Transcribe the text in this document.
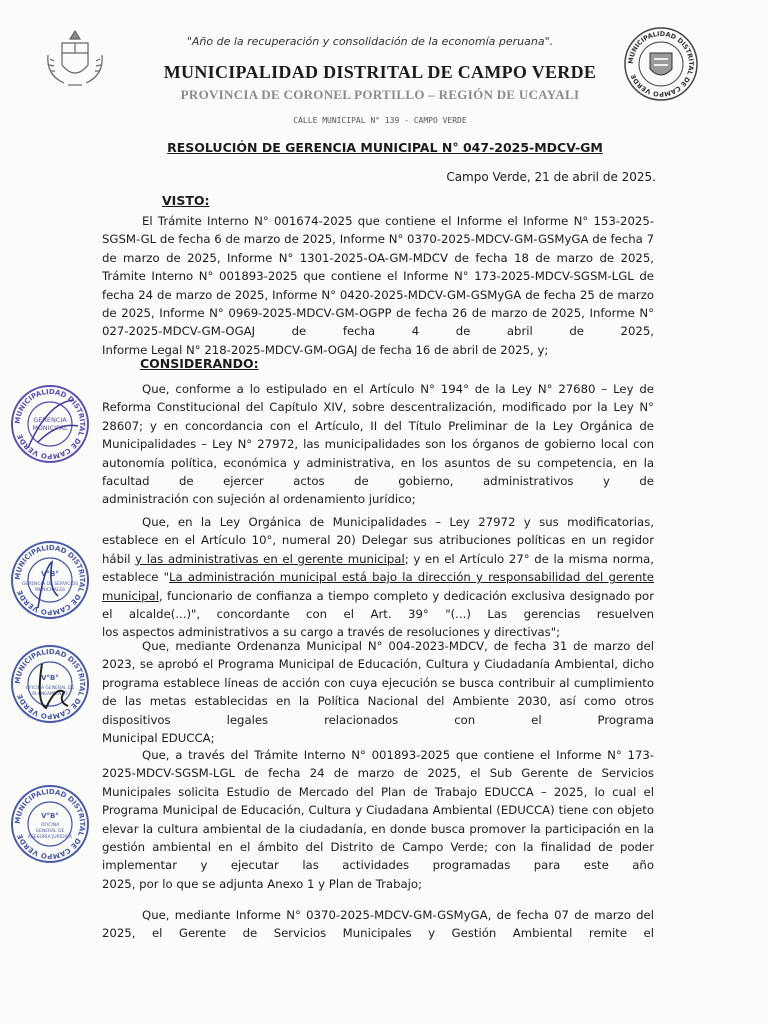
"Año de la recuperación y consolidación de la economía peruana".
MUNICIPALIDAD DISTRITAL DE CAMPO VERDE
PROVINCIA DE CORONEL PORTILLO – REGIÓN DE UCAYALI
CALLE MUNICIPAL N° 139 - CAMPO VERDE
MUNICIPALIDAD DISTRITAL DE CAMPO VERDE
RESOLUCIÓN DE GERENCIA MUNICIPAL N° 047-2025-MDCV-GM
Campo Verde, 21 de abril de 2025.
VISTO:
El Trámite Interno N° 001674-2025 que contiene el Informe el Informe N° 153-2025-SGSM-GL de fecha 6 de marzo de 2025, Informe N° 0370-2025-MDCV-GM-GSMyGA de fecha 7 de marzo de 2025, Informe N° 1301-2025-OA-GM-MDCV de fecha 18 de marzo de 2025, Trámite Interno N° 001893-2025 que contiene el Informe N° 173-2025-MDCV-SGSM-LGL de fecha 24 de marzo de 2025, Informe N° 0420-2025-MDCV-GM-GSMyGA de fecha 25 de marzo de 2025, Informe N° 0969-2025-MDCV-GM-OGPP de fecha 26 de marzo de 2025, Informe N° 027-2025-MDCV-GM-OGAJ de fecha 4 de abril de 2025,
Informe Legal N° 218-2025-MDCV-GM-OGAJ de fecha 16 de abril de 2025, y;
CONSIDERANDO:
Que, conforme a lo estipulado en el Artículo N° 194° de la Ley N° 27680 – Ley de Reforma Constitucional del Capítulo XIV, sobre descentralización, modificado por la Ley N° 28607; y en concordancia con el Artículo, II del Título Preliminar de la Ley Orgánica de Municipalidades – Ley N° 27972, las municipalidades son los órganos de gobierno local con autonomía política, económica y administrativa, en los asuntos de su competencia, en la facultad de ejercer actos de gobierno, administrativos y de
administración con sujeción al ordenamiento jurídico;
Que, en la Ley Orgánica de Municipalidades – Ley 27972 y sus modificatorias, establece en el Artículo 10°, numeral 20) Delegar sus atribuciones políticas en un regidor hábil y las administrativas en el gerente municipal; y en el Artículo 27° de la misma norma, establece "La administración municipal está bajo la dirección y responsabilidad del gerente municipal, funcionario de confianza a tiempo completo y dedicación exclusiva designado por el alcalde(...)", concordante con el Art. 39° "(...) Las gerencias resuelven
los aspectos administrativos a su cargo a través de resoluciones y directivas";
Que, mediante Ordenanza Municipal N° 004-2023-MDCV, de fecha 31 de marzo del 2023, se aprobó el Programa Municipal de Educación, Cultura y Ciudadanía Ambiental, dicho programa establece líneas de acción con cuya ejecución se busca contribuir al cumplimiento de las metas establecidas en la Política Nacional del Ambiente 2030, así como otros dispositivos legales relacionados con el Programa
Municipal EDUCCA;
Que, a través del Trámite Interno N° 001893-2025 que contiene el Informe N° 173-2025-MDCV-SGSM-LGL de fecha 24 de marzo de 2025, el Sub Gerente de Servicios Municipales solicita Estudio de Mercado del Plan de Trabajo EDUCCA – 2025, lo cual el Programa Municipal de Educación, Cultura y Ciudadana Ambiental (EDUCCA) tiene con objeto elevar la cultura ambiental de la ciudadanía, en donde busca promover la participación en la gestión ambiental en el ámbito del Distrito de Campo Verde; con la finalidad de poder implementar y ejecutar las actividades programadas para este año
2025, por lo que se adjunta Anexo 1 y Plan de Trabajo;
Que, mediante Informe N° 0370-2025-MDCV-GM-GSMyGA, de fecha 07 de marzo del 2025, el Gerente de Servicios Municipales y Gestión Ambiental remite el
MUNICIPALIDAD DISTRITAL DE CAMPO VERDE
GERENCIA
MUNICIPAL
MUNICIPALIDAD DISTRITAL DE CAMPO VERDE
V°B°
GERENCIA DE SERVICIOS
MUNICIPALES
MUNICIPALIDAD DISTRITAL DE CAMPO VERDE
V°B°
OFICINA GENERAL DE
PLANEAMIENTO
MUNICIPALIDAD DISTRITAL DE CAMPO VERDE
V°B°
OFICINA
GENERAL DE
ASESORÍA JURÍDICA
